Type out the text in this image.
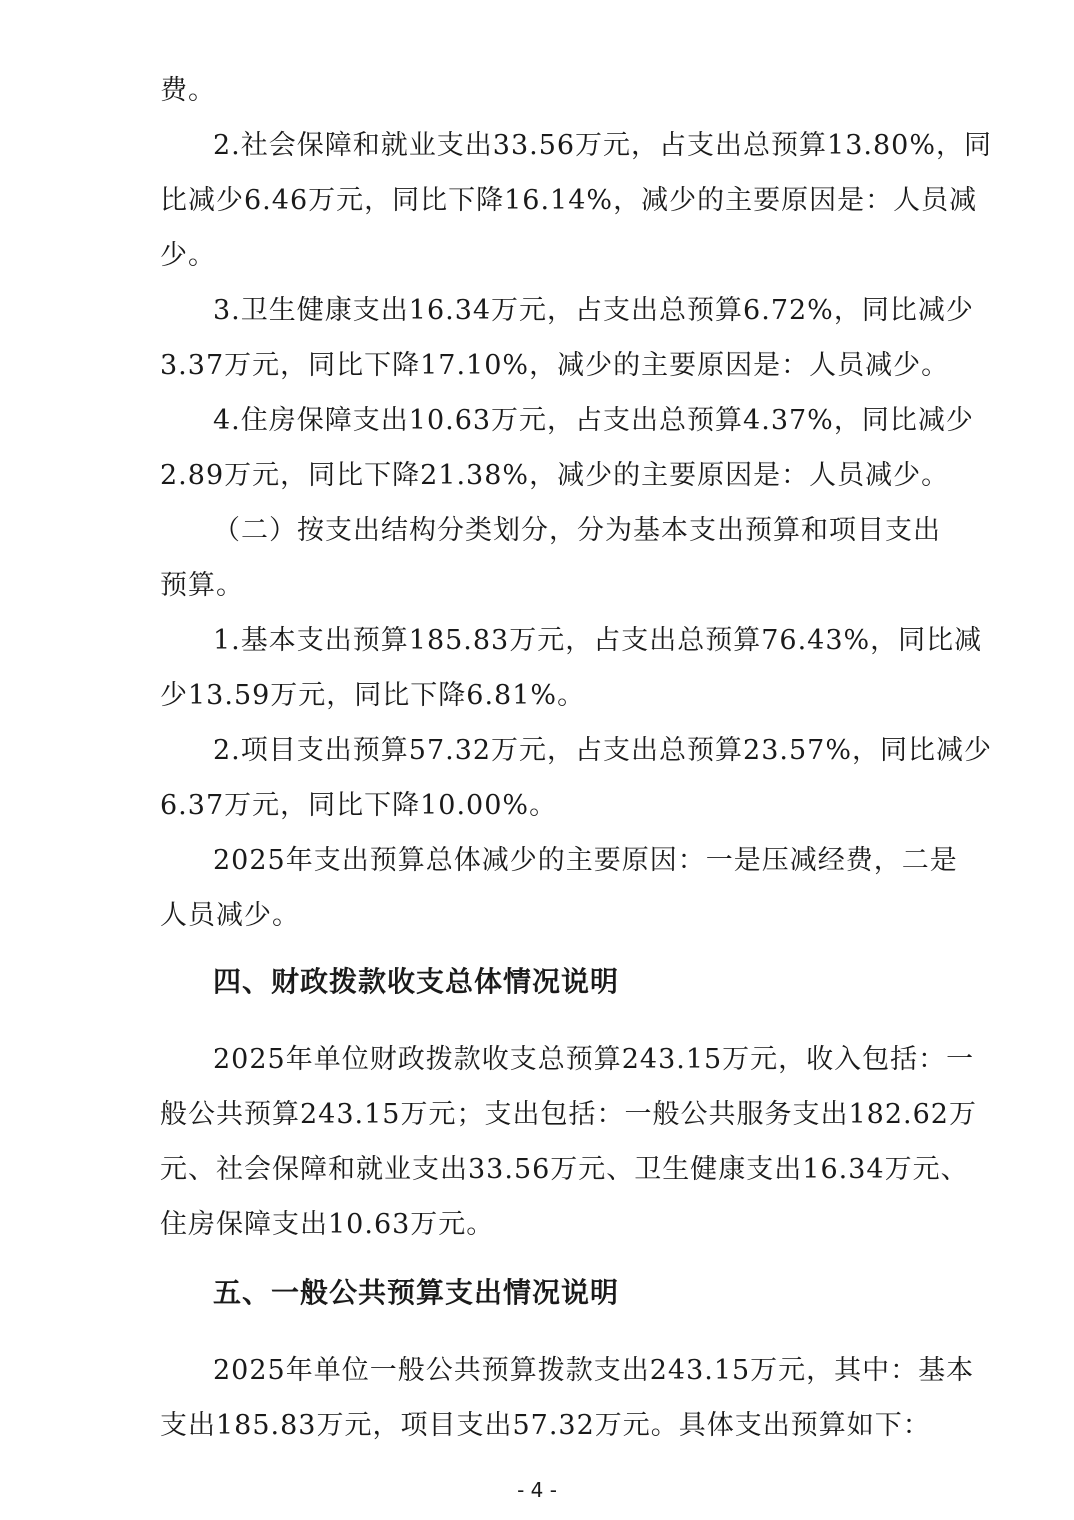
费。
2.社会保障和就业支出33.56万元，占支出总预算13.80%，同
比减少6.46万元，同比下降16.14%，减少的主要原因是：人员减
少。
3.卫生健康支出16.34万元，占支出总预算6.72%，同比减少
3.37万元，同比下降17.10%，减少的主要原因是：人员减少。
4.住房保障支出10.63万元，占支出总预算4.37%，同比减少
2.89万元，同比下降21.38%，减少的主要原因是：人员减少。
（二）按支出结构分类划分，分为基本支出预算和项目支出
预算。
1.基本支出预算185.83万元，占支出总预算76.43%，同比减
少13.59万元，同比下降6.81%。
2.项目支出预算57.32万元，占支出总预算23.57%，同比减少
6.37万元，同比下降10.00%。
2025年支出预算总体减少的主要原因：一是压减经费，二是
人员减少。
四、财政拨款收支总体情况说明
2025年单位财政拨款收支总预算243.15万元，收入包括：一
般公共预算243.15万元；支出包括：一般公共服务支出182.62万
元、社会保障和就业支出33.56万元、卫生健康支出16.34万元、
住房保障支出10.63万元。
五、一般公共预算支出情况说明
2025年单位一般公共预算拨款支出243.15万元，其中：基本
支出185.83万元，项目支出57.32万元。具体支出预算如下：
- 4 -
